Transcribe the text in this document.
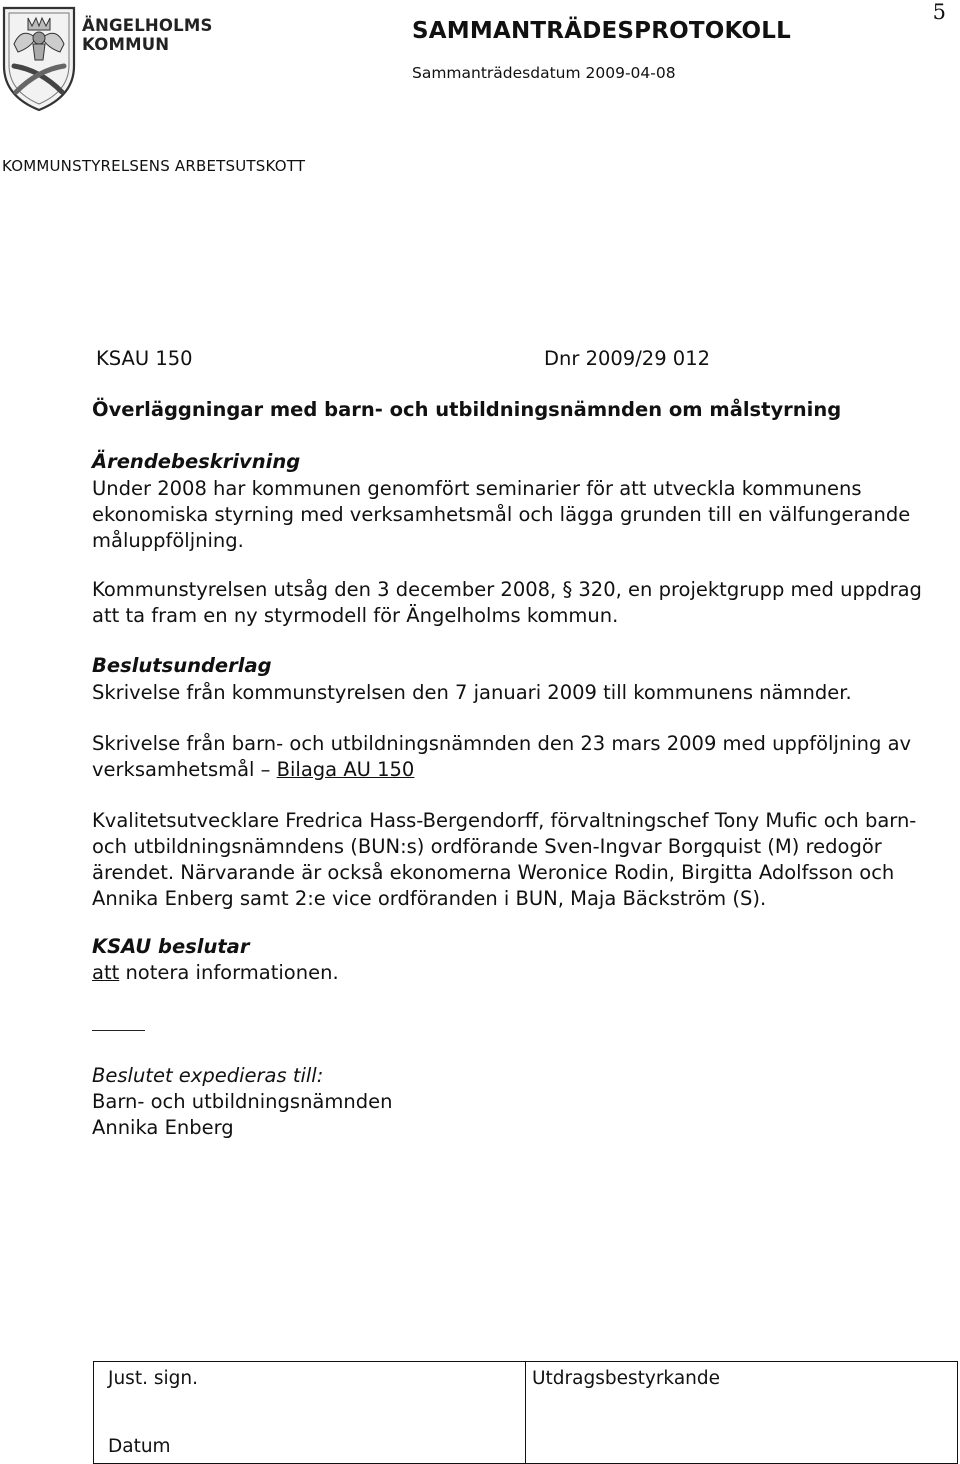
ÄNGELHOLMS
KOMMUN
5
SAMMANTRÄDESPROTOKOLL
Sammanträdesdatum 2009-04-08
KOMMUNSTYRELSENS ARBETSUTSKOTT
KSAU 150	Dnr 2009/29 012
Överläggningar med barn- och utbildningsnämnden om målstyrning
Ärendebeskrivning
Under 2008 har kommunen genomfört seminarier för att utveckla kommunens
ekonomiska styrning med verksamhetsmål och lägga grunden till en välfungerande
måluppföljning.
Kommunstyrelsen utsåg den 3 december 2008, § 320, en projektgrupp med uppdrag
att ta fram en ny styrmodell för Ängelholms kommun.
Beslutsunderlag
Skrivelse från kommunstyrelsen den 7 januari 2009 till kommunens nämnder.
Skrivelse från barn- och utbildningsnämnden den 23 mars 2009 med uppföljning av
verksamhetsmål – Bilaga AU 150
Kvalitetsutvecklare Fredrica Hass-Bergendorff, förvaltningschef Tony Mufic och barn-
och utbildningsnämndens (BUN:s) ordförande Sven-Ingvar Borgquist (M) redogör
ärendet. Närvarande är också ekonomerna Weronice Rodin, Birgitta Adolfsson och
Annika Enberg samt 2:e vice ordföranden i BUN, Maja Bäckström (S).
KSAU beslutar
att notera informationen.
Beslutet expedieras till:
Barn- och utbildningsnämnden
Annika Enberg
Just. sign.
Datum

Utdragsbestyrkande
